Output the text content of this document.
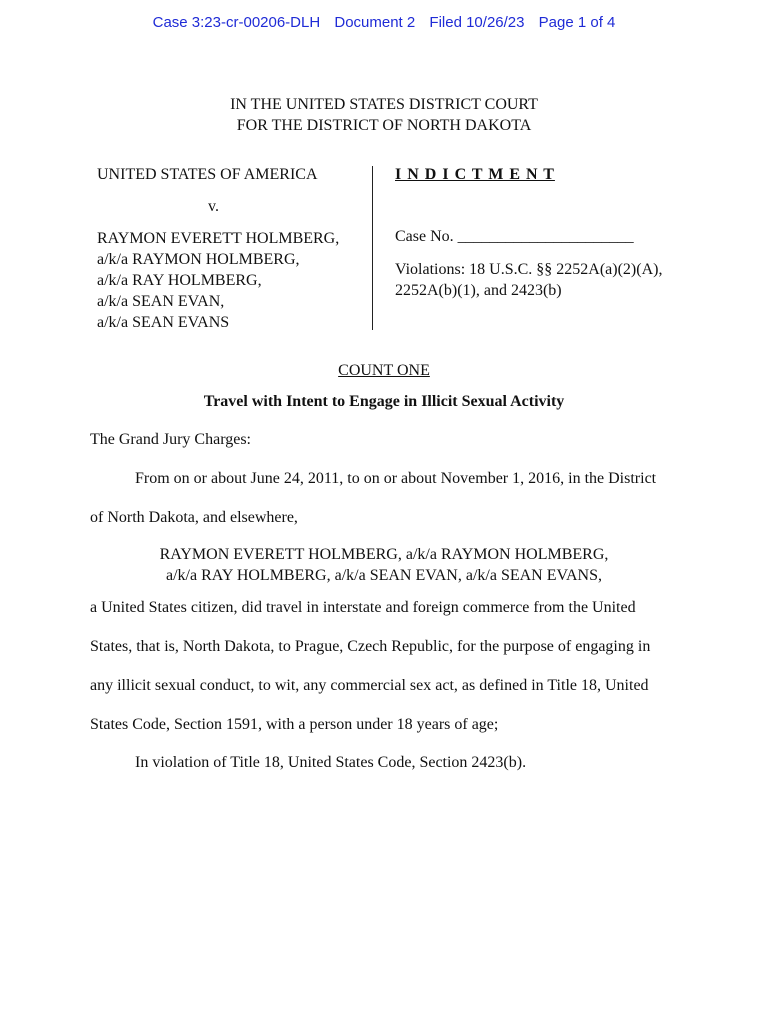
Case 3:23-cr-00206-DLH Document 2 Filed 10/26/23 Page 1 of 4
IN THE UNITED STATES DISTRICT COURT
FOR THE DISTRICT OF NORTH DAKOTA
UNITED STATES OF AMERICA
v.
RAYMON EVERETT HOLMBERG,
a/k/a RAYMON HOLMBERG,
a/k/a RAY HOLMBERG,
a/k/a SEAN EVAN,
a/k/a SEAN EVANS
I N D I C T M E N T
Case No. ______________________
Violations: 18 U.S.C. §§ 2252A(a)(2)(A),
2252A(b)(1), and 2423(b)
COUNT ONE
Travel with Intent to Engage in Illicit Sexual Activity
The Grand Jury Charges:
From on or about June 24, 2011, to on or about November 1, 2016, in the District
of North Dakota, and elsewhere,
RAYMON EVERETT HOLMBERG, a/k/a RAYMON HOLMBERG,
a/k/a RAY HOLMBERG, a/k/a SEAN EVAN, a/k/a SEAN EVANS,
a United States citizen, did travel in interstate and foreign commerce from the United
States, that is, North Dakota, to Prague, Czech Republic, for the purpose of engaging in
any illicit sexual conduct, to wit, any commercial sex act, as defined in Title 18, United
States Code, Section 1591, with a person under 18 years of age;
In violation of Title 18, United States Code, Section 2423(b).
